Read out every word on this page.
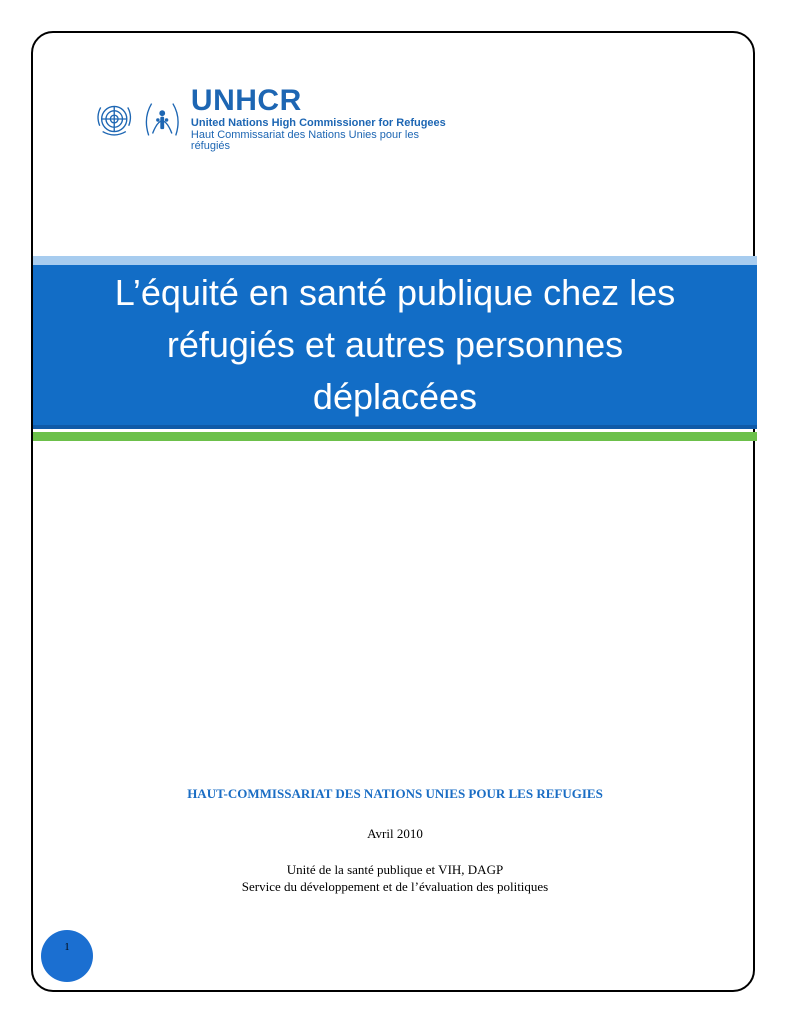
UNHCR
United Nations High Commissioner for Refugees
Haut Commissariat des Nations Unies pour les réfugiés
L’équité en santé publique chez les
réfugiés et autres personnes
déplacées
HAUT-COMMISSARIAT DES NATIONS UNIES POUR LES REFUGIES
Avril 2010
Unité de la santé publique et VIH, DAGP
Service du développement et de l’évaluation des politiques
1
